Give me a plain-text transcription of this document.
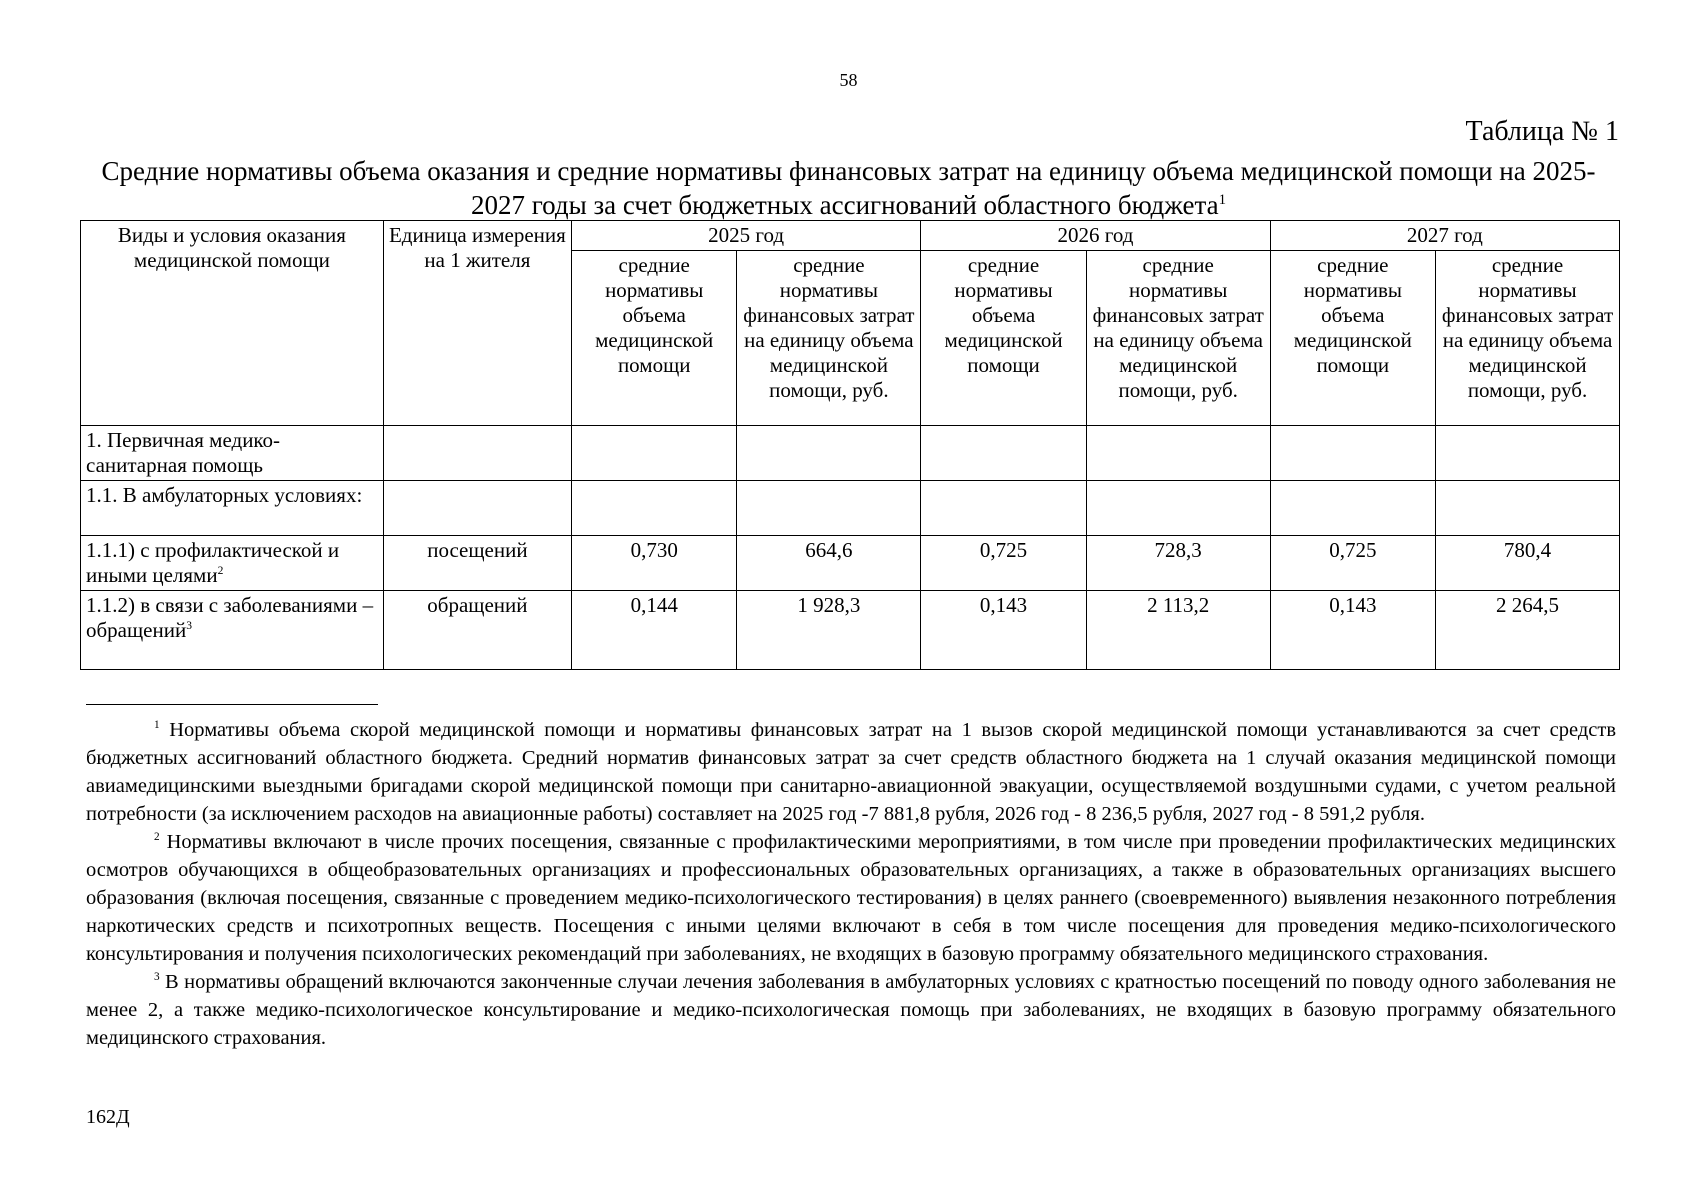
58
Таблица № 1
Средние нормативы объема оказания и средние нормативы финансовых затрат на единицу объема медицинской помощи на 2025-2027 годы за счет бюджетных ассигнований областного бюджета$^1$
Виды и условия оказания медицинской помощи	Единица измерения на 1 жителя	2025 год		2026 год		2027 год	
		средние нормативы объема медицинской помощи	средние нормативы финансовых затрат на единицу объема медицинской помощи, руб.	средние нормативы объема медицинской помощи	средние нормативы финансовых затрат на единицу объема медицинской помощи, руб.	средние нормативы объема медицинской помощи	средние нормативы финансовых затрат на единицу объема медицинской помощи, руб.
1. Первичная медико-санитарная помощь							
1.1. В амбулаторных условиях:							
1.1.1) с профилактической и иными целями$^2$	посещений	0,730	664,6	0,725	728,3	0,725	780,4
1.1.2) в связи с заболеваниями – обращений$^3$	обращений	0,144	1 928,3	0,143	2 113,2	0,143	2 264,5

$^1$ Нормативы объема скорой медицинской помощи и нормативы финансовых затрат на 1 вызов скорой медицинской помощи устанавливаются за счет средств бюджетных ассигнований областного бюджета. Средний норматив финансовых затрат за счет средств областного бюджета на 1 случай оказания медицинской помощи авиамедицинскими выездными бригадами скорой медицинской помощи при санитарно-авиационной эвакуации, осуществляемой воздушными судами, с учетом реальной потребности (за исключением расходов на авиационные работы) составляет на 2025 год -7 881,8 рубля, 2026 год - 8 236,5 рубля, 2027 год - 8 591,2 рубля.

$^2$ Нормативы включают в числе прочих посещения, связанные с профилактическими мероприятиями, в том числе при проведении профилактических медицинских осмотров обучающихся в общеобразовательных организациях и профессиональных образовательных организациях, а также в образовательных организациях высшего образования (включая посещения, связанные с проведением медико-психологического тестирования) в целях раннего (своевременного) выявления незаконного потребления наркотических средств и психотропных веществ. Посещения с иными целями включают в себя в том числе посещения для проведения медико-психологического консультирования и получения психологических рекомендаций при заболеваниях, не входящих в базовую программу обязательного медицинского страхования.

$^3$ В нормативы обращений включаются законченные случаи лечения заболевания в амбулаторных условиях с кратностью посещений по поводу одного заболевания не менее 2, а также медико-психологическое консультирование и медико-психологическая помощь при заболеваниях, не входящих в базовую программу обязательного медицинского страхования.

162Д
